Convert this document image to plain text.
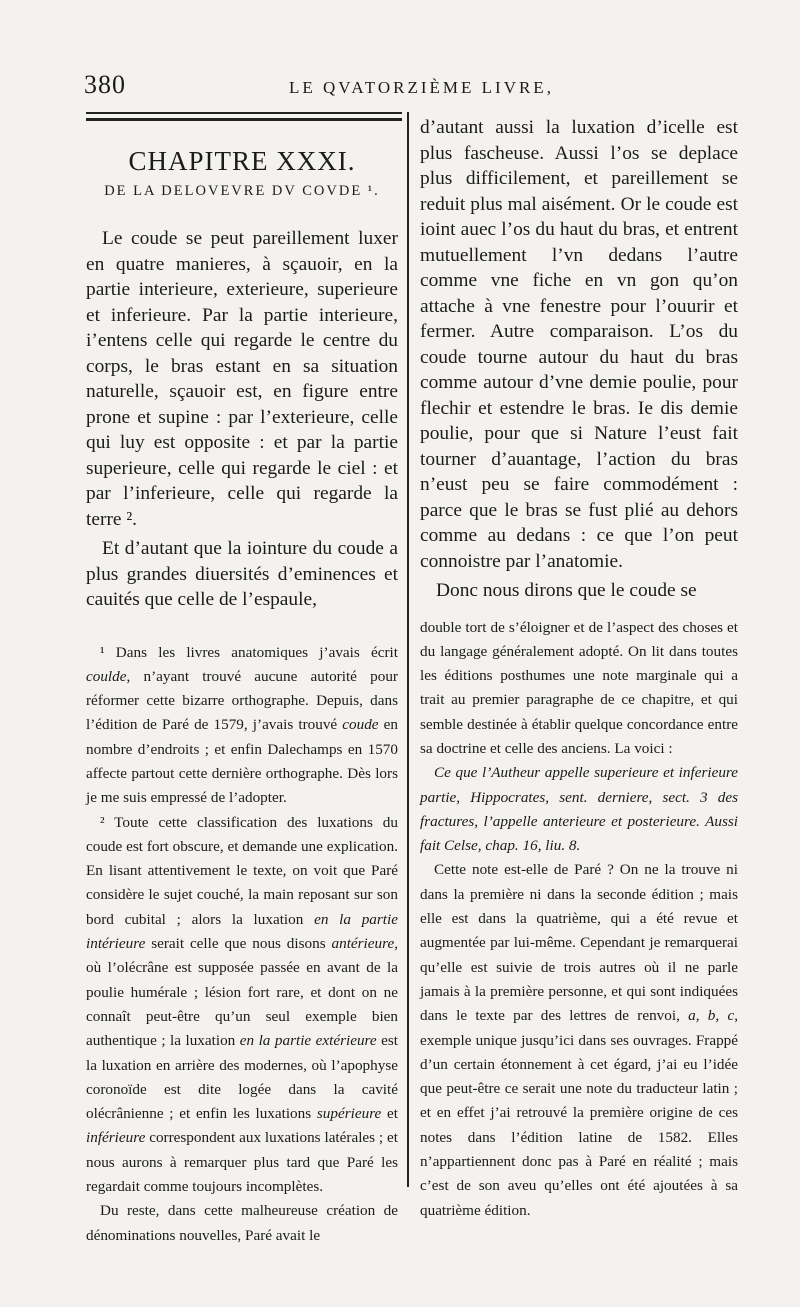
380	LE QVATORZIÈME LIVRE,
CHAPITRE XXXI.
DE LA DELOVEVRE DV COVDE ¹.

Le coude se peut pareillement luxer en quatre manieres, à sçauoir, en la partie interieure, exterieure, superieure et inferieure. Par la partie interieure, i’entens celle qui regarde le centre du corps, le bras estant en sa situation naturelle, sçauoir est, en figure entre prone et supine : par l’exterieure, celle qui luy est opposite : et par la partie superieure, celle qui regarde le ciel : et par l’inferieure, celle qui regarde la terre ².

Et d’autant que la iointure du coude a plus grandes diuersités d’eminences et cauités que celle de l’espaule,

¹ Dans les livres anatomiques j’avais écrit coulde, n’ayant trouvé aucune autorité pour réformer cette bizarre orthographe. Depuis, dans l’édition de Paré de 1579, j’avais trouvé coude en nombre d’endroits ; et enfin Dalechamps en 1570 affecte partout cette dernière orthographe. Dès lors je me suis empressé de l’adopter.

² Toute cette classification des luxations du coude est fort obscure, et demande une explication. En lisant attentivement le texte, on voit que Paré considère le sujet couché, la main reposant sur son bord cubital ; alors la luxation en la partie intérieure serait celle que nous disons antérieure, où l’olécrâne est supposée passée en avant de la poulie humérale ; lésion fort rare, et dont on ne connaît peut-être qu’un seul exemple bien authentique ; la luxation en la partie extérieure est la luxation en arrière des modernes, où l’apophyse coronoïde est dite logée dans la cavité olécrânienne ; et enfin les luxations supérieure et inférieure correspondent aux luxations latérales ; et nous aurons à remarquer plus tard que Paré les regardait comme toujours incomplètes.

Du reste, dans cette malheureuse création de dénominations nouvelles, Paré avait le

d’autant aussi la luxation d’icelle est plus fascheuse. Aussi l’os se deplace plus difficilement, et pareillement se reduit plus mal aisément. Or le coude est ioint auec l’os du haut du bras, et entrent mutuellement l’vn dedans l’autre comme vne fiche en vn gon qu’on attache à vne fenestre pour l’ouurir et fermer. Autre comparaison. L’os du coude tourne autour du haut du bras comme autour d’vne demie poulie, pour flechir et estendre le bras. Ie dis demie poulie, pour que si Nature l’eust fait tourner d’auantage, l’action du bras n’eust peu se faire commodément : parce que le bras se fust plié au dehors comme au dedans : ce que l’on peut connoistre par l’anatomie.

Donc nous dirons que le coude se

double tort de s’éloigner et de l’aspect des choses et du langage généralement adopté. On lit dans toutes les éditions posthumes une note marginale qui a trait au premier paragraphe de ce chapitre, et qui semble destinée à établir quelque concordance entre sa doctrine et celle des anciens. La voici :

Ce que l’Autheur appelle superieure et inferieure partie, Hippocrates, sent. derniere, sect. 3 des fractures, l’appelle anterieure et posterieure. Aussi fait Celse, chap. 16, liu. 8.

Cette note est-elle de Paré ? On ne la trouve ni dans la première ni dans la seconde édition ; mais elle est dans la quatrième, qui a été revue et augmentée par lui-même. Cependant je remarquerai qu’elle est suivie de trois autres où il ne parle jamais à la première personne, et qui sont indiquées dans le texte par des lettres de renvoi, a, b, c, exemple unique jusqu’ici dans ses ouvrages. Frappé d’un certain étonnement à cet égard, j’ai eu l’idée que peut-être ce serait une note du traducteur latin ; et en effet j’ai retrouvé la première origine de ces notes dans l’édition latine de 1582. Elles n’appartiennent donc pas à Paré en réalité ; mais c’est de son aveu qu’elles ont été ajoutées à sa quatrième édition.
